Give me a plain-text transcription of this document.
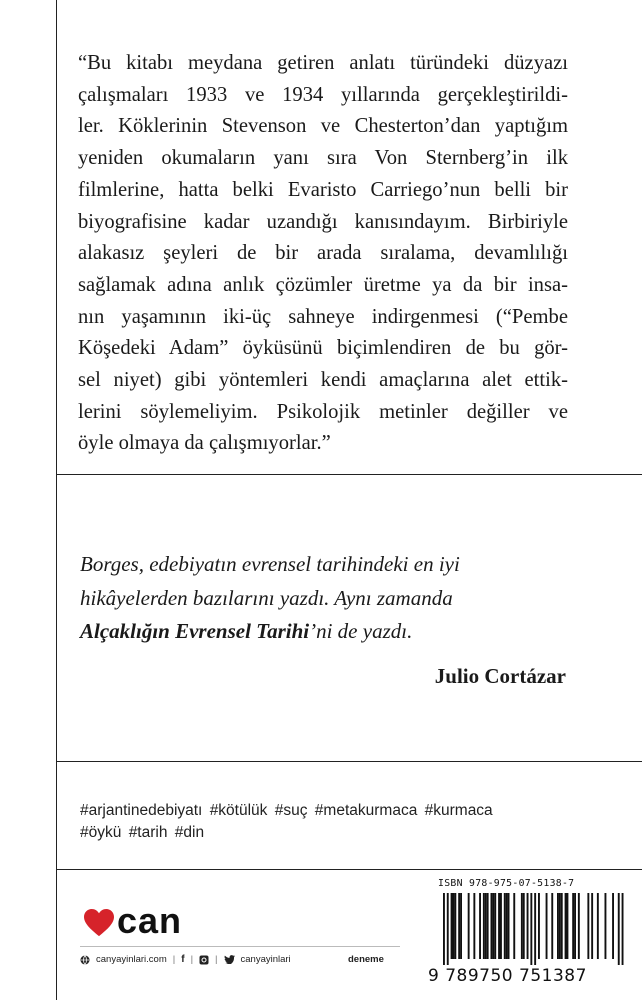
“Bu kitabı meydana getiren anlatı türündeki düzyazı
çalışmaları 1933 ve 1934 yıllarında gerçekleştirildi-
ler. Köklerinin Stevenson ve Chesterton’dan yaptığım
yeniden okumaların yanı sıra Von Sternberg’in ilk
filmlerine, hatta belki Evaristo Carriego’nun belli bir
biyografisine kadar uzandığı kanısındayım. Birbiriyle
alakasız şeyleri de bir arada sıralama, devamlılığı
sağlamak adına anlık çözümler üretme ya da bir insa-
nın yaşamının iki-üç sahneye indirgenmesi (“Pembe
Köşedeki Adam” öyküsünü biçimlendiren de bu gör-
sel niyet) gibi yöntemleri kendi amaçlarına alet ettik-
lerini söylemeliyim. Psikolojik metinler değiller ve
öyle olmaya da çalışmıyorlar.”
Borges, edebiyatın evrensel tarihindeki en iyi
hikâyelerden bazılarını yazdı. Aynı zamanda
Alçaklığın Evrensel Tarihi’ni de yazdı.
Julio Cortázar
#arjantinedebiyatı #kötülük #suç #metakurmaca #kurmaca
#öykü #tarih #din
can
canyayinlari.com | f | | canyayinlari	deneme
ISBN 978-975-07-5138-7
9 789750 751387
